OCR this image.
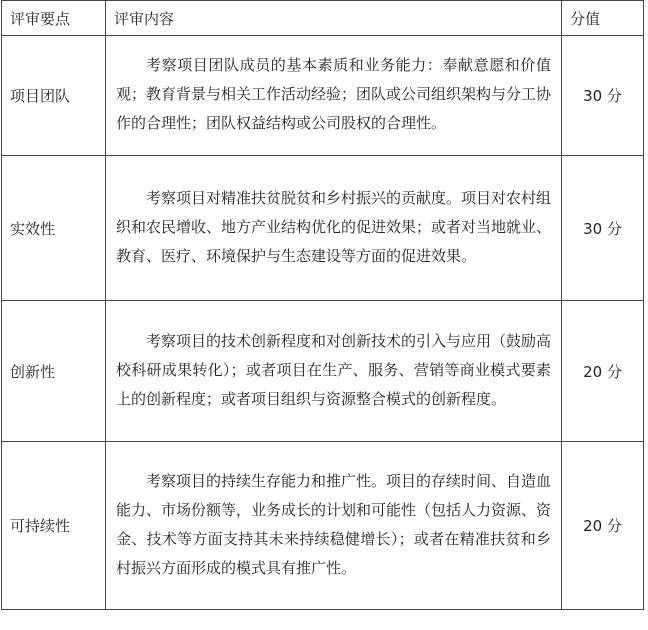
评审要点	评审内容	分值
项目团队	考察项目团队成员的基本素质和业务能力：奉献意愿和价值观；教育背景与相关工作活动经验；团队或公司组织架构与分工协作的合理性；团队权益结构或公司股权的合理性。	30 分
实效性	考察项目对精准扶贫脱贫和乡村振兴的贡献度。项目对农村组织和农民增收、地方产业结构优化的促进效果；或者对当地就业、教育、医疗、环境保护与生态建设等方面的促进效果。	30 分
创新性	考察项目的技术创新程度和对创新技术的引入与应用（鼓励高校科研成果转化）；或者项目在生产、服务、营销等商业模式要素上的创新程度；或者项目组织与资源整合模式的创新程度。	20 分
可持续性	考察项目的持续生存能力和推广性。项目的存续时间、自造血能力、市场份额等，业务成长的计划和可能性（包括人力资源、资金、技术等方面支持其未来持续稳健增长）；或者在精准扶贫和乡村振兴方面形成的模式具有推广性。	20 分
